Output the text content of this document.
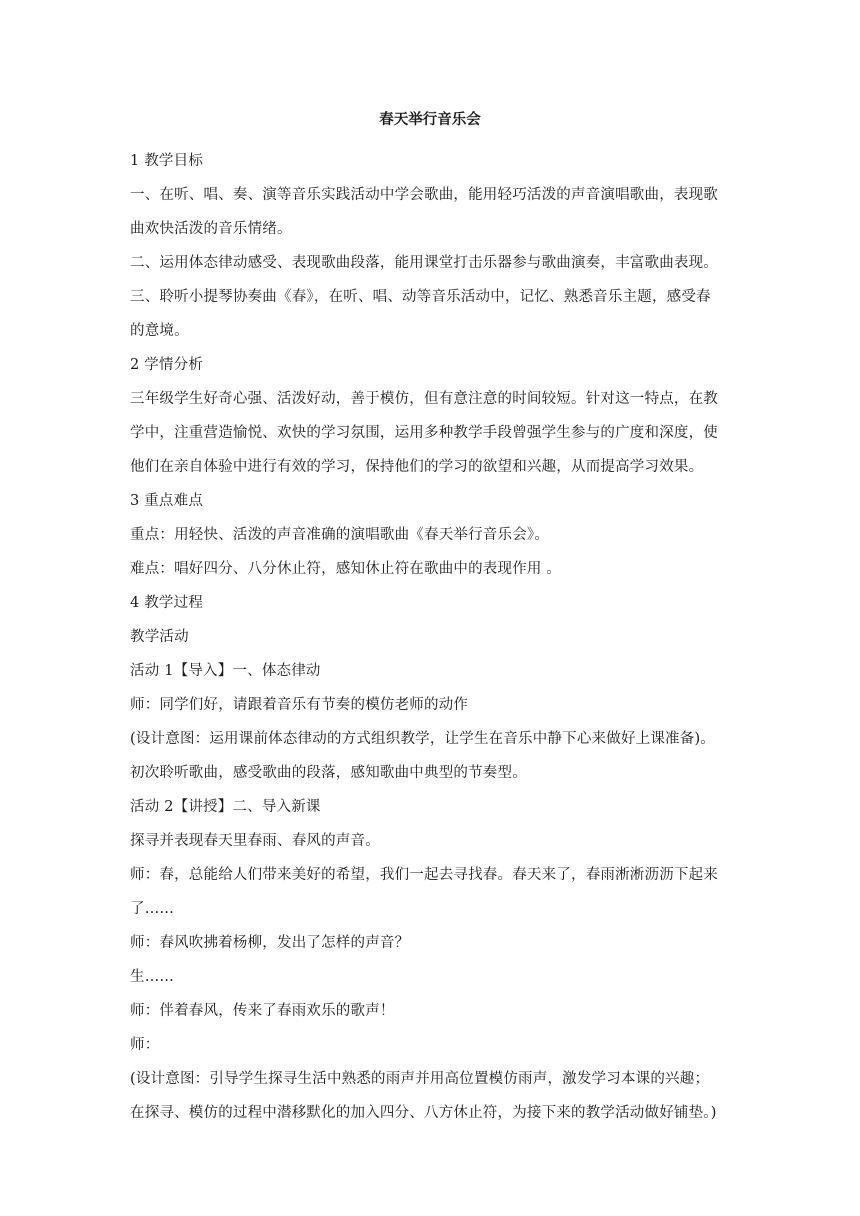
春天举行音乐会

1 教学目标

一、在听、唱、奏、演等音乐实践活动中学会歌曲，能用轻巧活泼的声音演唱歌曲，表现歌

曲欢快活泼的音乐情绪。

二、运用体态律动感受、表现歌曲段落，能用课堂打击乐器参与歌曲演奏，丰富歌曲表现。

三、聆听小提琴协奏曲《春》，在听、唱、动等音乐活动中，记忆、熟悉音乐主题，感受春

的意境。

2 学情分析

三年级学生好奇心强、活泼好动，善于模仿，但有意注意的时间较短。针对这一特点，在教

学中，注重营造愉悦、欢快的学习氛围，运用多种教学手段曾强学生参与的广度和深度，使

他们在亲自体验中进行有效的学习，保持他们的学习的欲望和兴趣，从而提高学习效果。

3 重点难点

重点：用轻快、活泼的声音准确的演唱歌曲《春天举行音乐会》。

难点：唱好四分、八分休止符，感知休止符在歌曲中的表现作用 。

4 教学过程

教学活动

活动 1【导入】一、体态律动

师：同学们好，请跟着音乐有节奏的模仿老师的动作

(设计意图：运用课前体态律动的方式组织教学，让学生在音乐中静下心来做好上课准备)。

初次聆听歌曲，感受歌曲的段落，感知歌曲中典型的节奏型。

活动 2【讲授】二、导入新课

探寻并表现春天里春雨、春风的声音。

师：春，总能给人们带来美好的希望，我们一起去寻找春。春天来了，春雨淅淅沥沥下起来

了……

师：春风吹拂着杨柳，发出了怎样的声音？

生……

师：伴着春风，传来了春雨欢乐的歌声！

师：

(设计意图：引导学生探寻生活中熟悉的雨声并用高位置模仿雨声，激发学习本课的兴趣；

在探寻、模仿的过程中潜移默化的加入四分、八方休止符，为接下来的教学活动做好铺垫。)
